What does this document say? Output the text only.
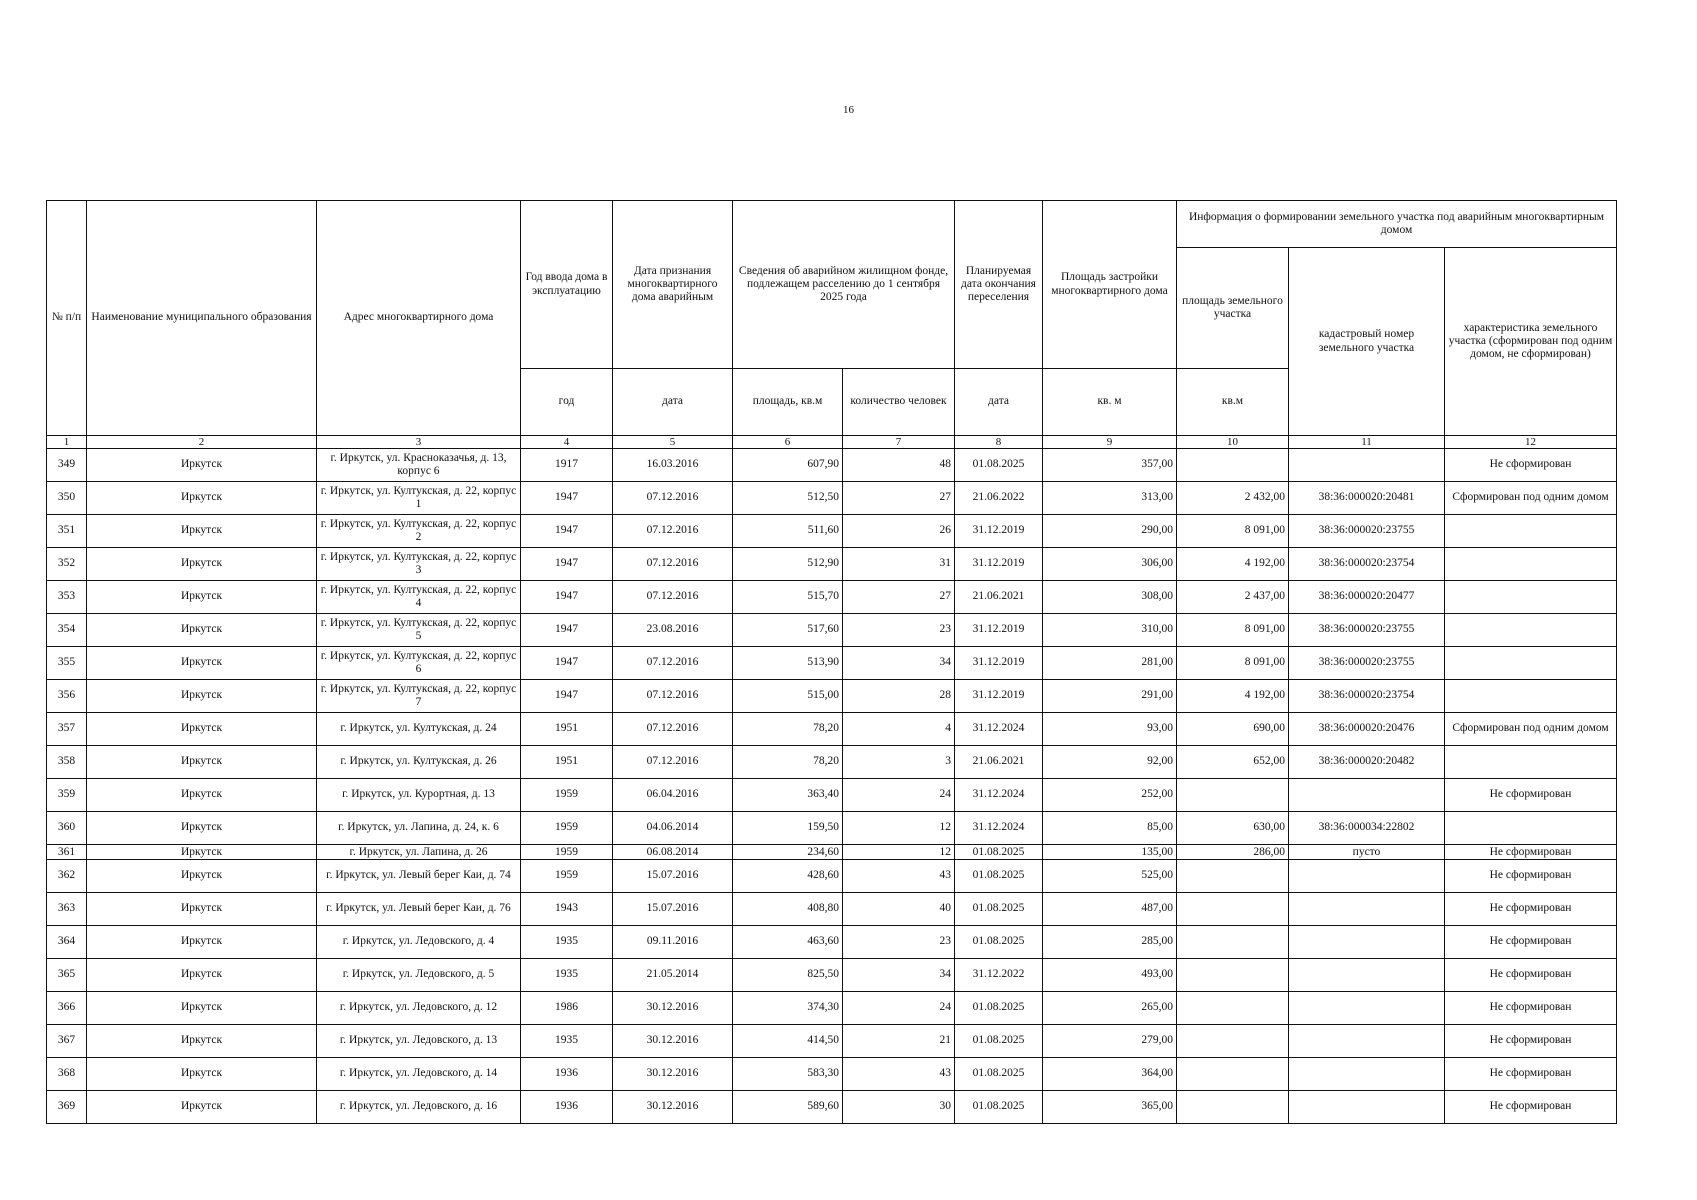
16
№ п/п	Наименование муниципального образования	Адрес многоквартирного дома	Год ввода дома в эксплуатацию	Дата признания многоквартирного дома аварийным	Сведения об аварийном жилищном фонде, подлежащем расселению до 1 сентября 2025 года		Планируемая дата окончания переселения	Площадь застройки многоквартирного дома	Информация о формировании земельного участка под аварийным многоквартирным домом		
									площадь земельного участка	кадастровый номер земельного участка	характеристика земельного участка (сформирован под одним домом, не сформирован)
			год	дата	площадь, кв.м	количество человек	дата	кв. м	кв.м		
1	2	3	4	5	6	7	8	9	10	11	12
349	Иркутск	г. Иркутск, ул. Красноказачья, д. 13, корпус 6	1917	16.03.2016	607,90	48	01.08.2025	357,00			Не сформирован
350	Иркутск	г. Иркутск, ул. Култукская, д. 22, корпус 1	1947	07.12.2016	512,50	27	21.06.2022	313,00	2 432,00	38:36:000020:20481	Сформирован под одним домом
351	Иркутск	г. Иркутск, ул. Култукская, д. 22, корпус 2	1947	07.12.2016	511,60	26	31.12.2019	290,00	8 091,00	38:36:000020:23755	
352	Иркутск	г. Иркутск, ул. Култукская, д. 22, корпус 3	1947	07.12.2016	512,90	31	31.12.2019	306,00	4 192,00	38:36:000020:23754	
353	Иркутск	г. Иркутск, ул. Култукская, д. 22, корпус 4	1947	07.12.2016	515,70	27	21.06.2021	308,00	2 437,00	38:36:000020:20477	
354	Иркутск	г. Иркутск, ул. Култукская, д. 22, корпус 5	1947	23.08.2016	517,60	23	31.12.2019	310,00	8 091,00	38:36:000020:23755	
355	Иркутск	г. Иркутск, ул. Култукская, д. 22, корпус 6	1947	07.12.2016	513,90	34	31.12.2019	281,00	8 091,00	38:36:000020:23755	
356	Иркутск	г. Иркутск, ул. Култукская, д. 22, корпус 7	1947	07.12.2016	515,00	28	31.12.2019	291,00	4 192,00	38:36:000020:23754	
357	Иркутск	г. Иркутск, ул. Култукская, д. 24	1951	07.12.2016	78,20	4	31.12.2024	93,00	690,00	38:36:000020:20476	Сформирован под одним домом
358	Иркутск	г. Иркутск, ул. Култукская, д. 26	1951	07.12.2016	78,20	3	21.06.2021	92,00	652,00	38:36:000020:20482	
359	Иркутск	г. Иркутск, ул. Курортная, д. 13	1959	06.04.2016	363,40	24	31.12.2024	252,00			Не сформирован
360	Иркутск	г. Иркутск, ул. Лапина, д. 24, к. 6	1959	04.06.2014	159,50	12	31.12.2024	85,00	630,00	38:36:000034:22802	
361	Иркутск	г. Иркутск, ул. Лапина, д. 26	1959	06.08.2014	234,60	12	01.08.2025	135,00	286,00	пусто	Не сформирован
362	Иркутск	г. Иркутск, ул. Левый берег Каи, д. 74	1959	15.07.2016	428,60	43	01.08.2025	525,00			Не сформирован
363	Иркутск	г. Иркутск, ул. Левый берег Каи, д. 76	1943	15.07.2016	408,80	40	01.08.2025	487,00			Не сформирован
364	Иркутск	г. Иркутск, ул. Ледовского, д. 4	1935	09.11.2016	463,60	23	01.08.2025	285,00			Не сформирован
365	Иркутск	г. Иркутск, ул. Ледовского, д. 5	1935	21.05.2014	825,50	34	31.12.2022	493,00			Не сформирован
366	Иркутск	г. Иркутск, ул. Ледовского, д. 12	1986	30.12.2016	374,30	24	01.08.2025	265,00			Не сформирован
367	Иркутск	г. Иркутск, ул. Ледовского, д. 13	1935	30.12.2016	414,50	21	01.08.2025	279,00			Не сформирован
368	Иркутск	г. Иркутск, ул. Ледовского, д. 14	1936	30.12.2016	583,30	43	01.08.2025	364,00			Не сформирован
369	Иркутск	г. Иркутск, ул. Ледовского, д. 16	1936	30.12.2016	589,60	30	01.08.2025	365,00			Не сформирован
